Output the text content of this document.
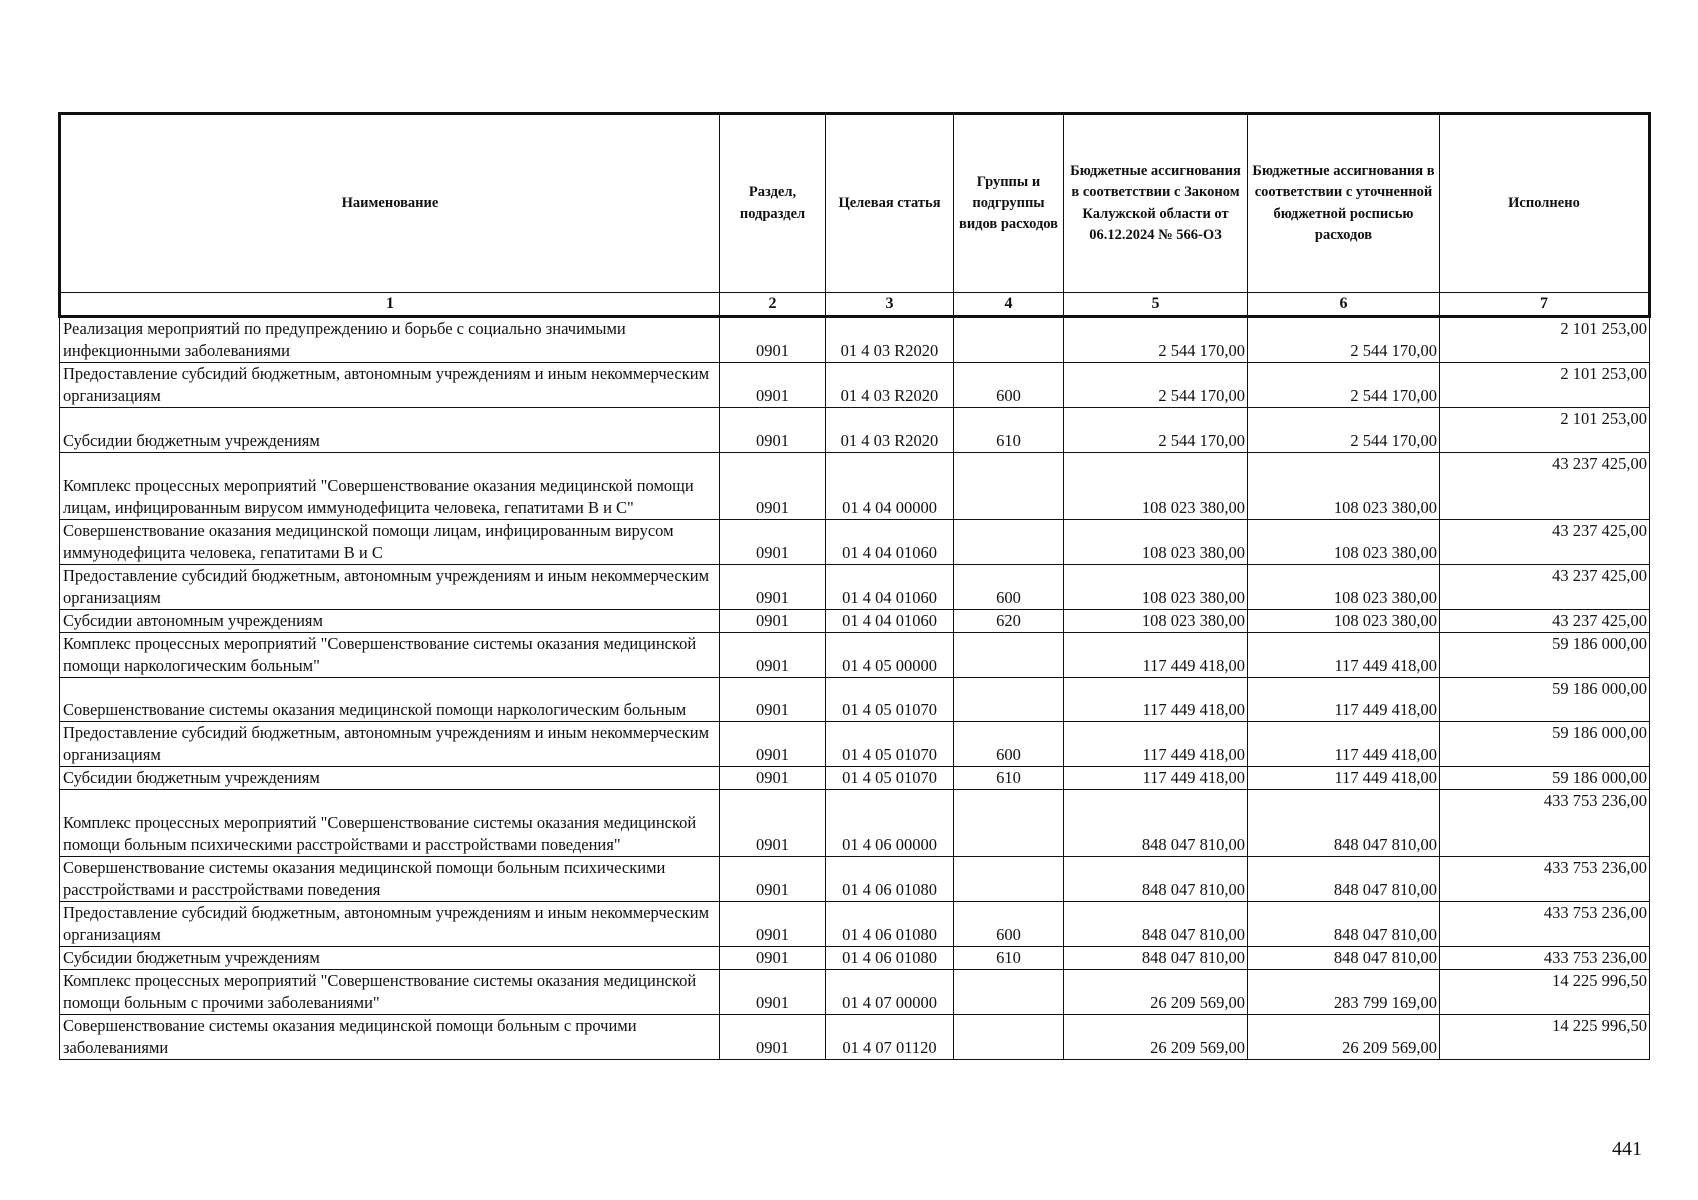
Наименование	Раздел, подраздел	Целевая статья	Группы и подгруппы видов расходов	Бюджетные ассигнования в соответствии с Законом Калужской области от 06.12.2024 № 566-ОЗ	Бюджетные ассигнования в соответствии с уточненной бюджетной росписью расходов	Исполнено
1	2	3	4	5	6	7
Реализация мероприятий по предупреждению и борьбе с социально значимыми инфекционными заболеваниями	0901	01 4 03 R2020		2 544 170,00	2 544 170,00	2 101 253,00
Предоставление субсидий бюджетным, автономным учреждениям и иным некоммерческим организациям	0901	01 4 03 R2020	600	2 544 170,00	2 544 170,00	2 101 253,00
Субсидии бюджетным учреждениям	0901	01 4 03 R2020	610	2 544 170,00	2 544 170,00	2 101 253,00
Комплекс процессных мероприятий "Совершенствование оказания медицинской помощи лицам, инфицированным вирусом иммунодефицита человека, гепатитами В и С"	0901	01 4 04 00000		108 023 380,00	108 023 380,00	43 237 425,00
Совершенствование оказания медицинской помощи лицам, инфицированным вирусом иммунодефицита человека, гепатитами В и С	0901	01 4 04 01060		108 023 380,00	108 023 380,00	43 237 425,00
Предоставление субсидий бюджетным, автономным учреждениям и иным некоммерческим организациям	0901	01 4 04 01060	600	108 023 380,00	108 023 380,00	43 237 425,00
Субсидии автономным учреждениям	0901	01 4 04 01060	620	108 023 380,00	108 023 380,00	43 237 425,00
Комплекс процессных мероприятий "Совершенствование системы оказания медицинской помощи наркологическим больным"	0901	01 4 05 00000		117 449 418,00	117 449 418,00	59 186 000,00
Совершенствование системы оказания медицинской помощи наркологическим больным	0901	01 4 05 01070		117 449 418,00	117 449 418,00	59 186 000,00
Предоставление субсидий бюджетным, автономным учреждениям и иным некоммерческим организациям	0901	01 4 05 01070	600	117 449 418,00	117 449 418,00	59 186 000,00
Субсидии бюджетным учреждениям	0901	01 4 05 01070	610	117 449 418,00	117 449 418,00	59 186 000,00
Комплекс процессных мероприятий "Совершенствование системы оказания медицинской помощи больным психическими расстройствами и расстройствами поведения"	0901	01 4 06 00000		848 047 810,00	848 047 810,00	433 753 236,00
Совершенствование системы оказания медицинской помощи больным психическими расстройствами и расстройствами поведения	0901	01 4 06 01080		848 047 810,00	848 047 810,00	433 753 236,00
Предоставление субсидий бюджетным, автономным учреждениям и иным некоммерческим организациям	0901	01 4 06 01080	600	848 047 810,00	848 047 810,00	433 753 236,00
Субсидии бюджетным учреждениям	0901	01 4 06 01080	610	848 047 810,00	848 047 810,00	433 753 236,00
Комплекс процессных мероприятий "Совершенствование системы оказания медицинской помощи больным с прочими заболеваниями"	0901	01 4 07 00000		26 209 569,00	283 799 169,00	14 225 996,50
Совершенствование системы оказания медицинской помощи больным с прочими заболеваниями	0901	01 4 07 01120		26 209 569,00	26 209 569,00	14 225 996,50
441
